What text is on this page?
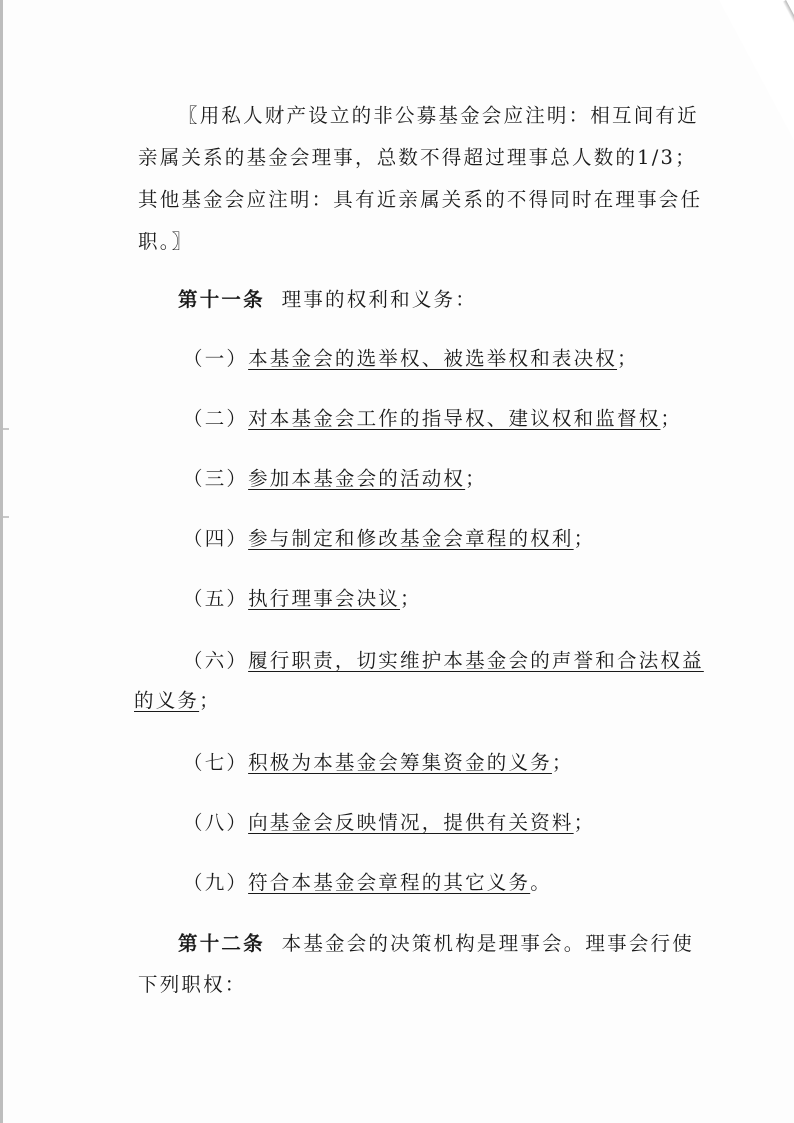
〖用私人财产设立的非公募基金会应注明：相互间有近
亲属关系的基金会理事，总数不得超过理事总人数的1/3；
其他基金会应注明：具有近亲属关系的不得同时在理事会任
职。〗
第十一条 理事的权利和义务：
（一）本基金会的选举权、被选举权和表决权；
（二）对本基金会工作的指导权、建议权和监督权；
（三）参加本基金会的活动权；
（四）参与制定和修改基金会章程的权利；
（五）执行理事会决议；
（六）履行职责，切实维护本基金会的声誉和合法权益
的义务；
（七）积极为本基金会筹集资金的义务；
（八）向基金会反映情况，提供有关资料；
（九）符合本基金会章程的其它义务。
第十二条 本基金会的决策机构是理事会。理事会行使
下列职权：
